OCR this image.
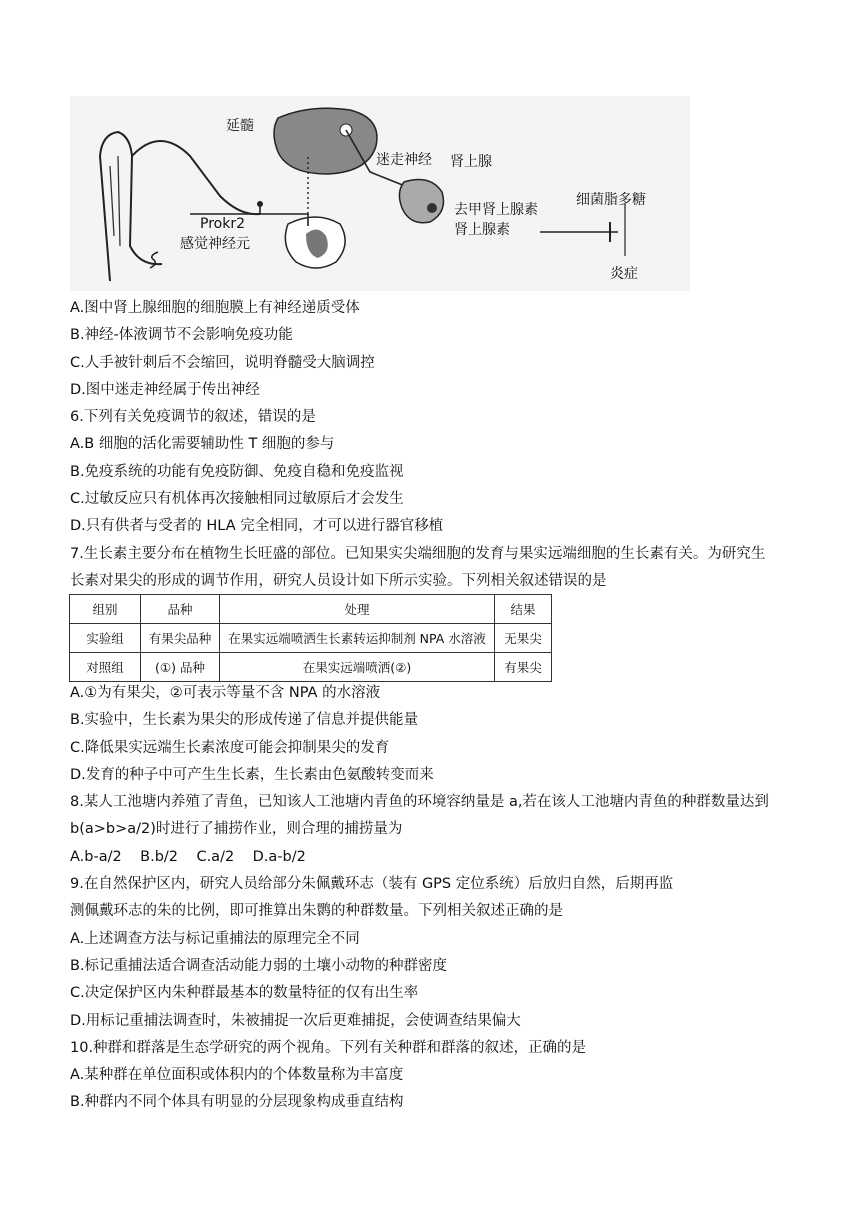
延髓
迷走神经 肾上腺
细菌脂多糖
Prokr2
感觉神经元
去甲肾上腺素
肾上腺素
炎症
A.图中肾上腺细胞的细胞膜上有神经递质受体
B.神经-体液调节不会影响免疫功能
C.人手被针刺后不会缩回，说明脊髓受大脑调控
D.图中迷走神经属于传出神经
6.下列有关免疫调节的叙述，错误的是
A.B 细胞的活化需要辅助性 T 细胞的参与
B.免疫系统的功能有免疫防御、免疫自稳和免疫监视
C.过敏反应只有机体再次接触相同过敏原后才会发生
D.只有供者与受者的 HLA 完全相同，才可以进行器官移植
7.生长素主要分布在植物生长旺盛的部位。已知果实尖端细胞的发育与果实远端细胞的生长素有关。为研究生
长素对果尖的形成的调节作用，研究人员设计如下所示实验。下列相关叙述错误的是
组别	品种	处理	结果
实验组	有果尖品种	在果实远端喷洒生长素转运抑制剂 NPA 水溶液	无果尖
对照组	(①) 品种	在果实远端喷洒(②)	有果尖
A.①为有果尖，②可表示等量不含 NPA 的水溶液
B.实验中，生长素为果尖的形成传递了信息并提供能量
C.降低果实远端生长素浓度可能会抑制果尖的发育
D.发育的种子中可产生生长素，生长素由色氨酸转变而来
8.某人工池塘内养殖了青鱼，已知该人工池塘内青鱼的环境容纳量是 a,若在该人工池塘内青鱼的种群数量达到
b(a>b>a/2)时进行了捕捞作业，则合理的捕捞量为
A.b-a/2    B.b/2    C.a/2    D.a-b/2
9.在自然保护区内，研究人员给部分朱佩戴环志（装有 GPS 定位系统）后放归自然，后期再监
测佩戴环志的朱的比例，即可推算出朱鹮的种群数量。下列相关叙述正确的是
A.上述调查方法与标记重捕法的原理完全不同
B.标记重捕法适合调查活动能力弱的土壤小动物的种群密度
C.决定保护区内朱种群最基本的数量特征的仅有出生率
D.用标记重捕法调查时，朱被捕捉一次后更难捕捉，会使调查结果偏大
10.种群和群落是生态学研究的两个视角。下列有关种群和群落的叙述，正确的是
A.某种群在单位面积或体积内的个体数量称为丰富度
B.种群内不同个体具有明显的分层现象构成垂直结构
